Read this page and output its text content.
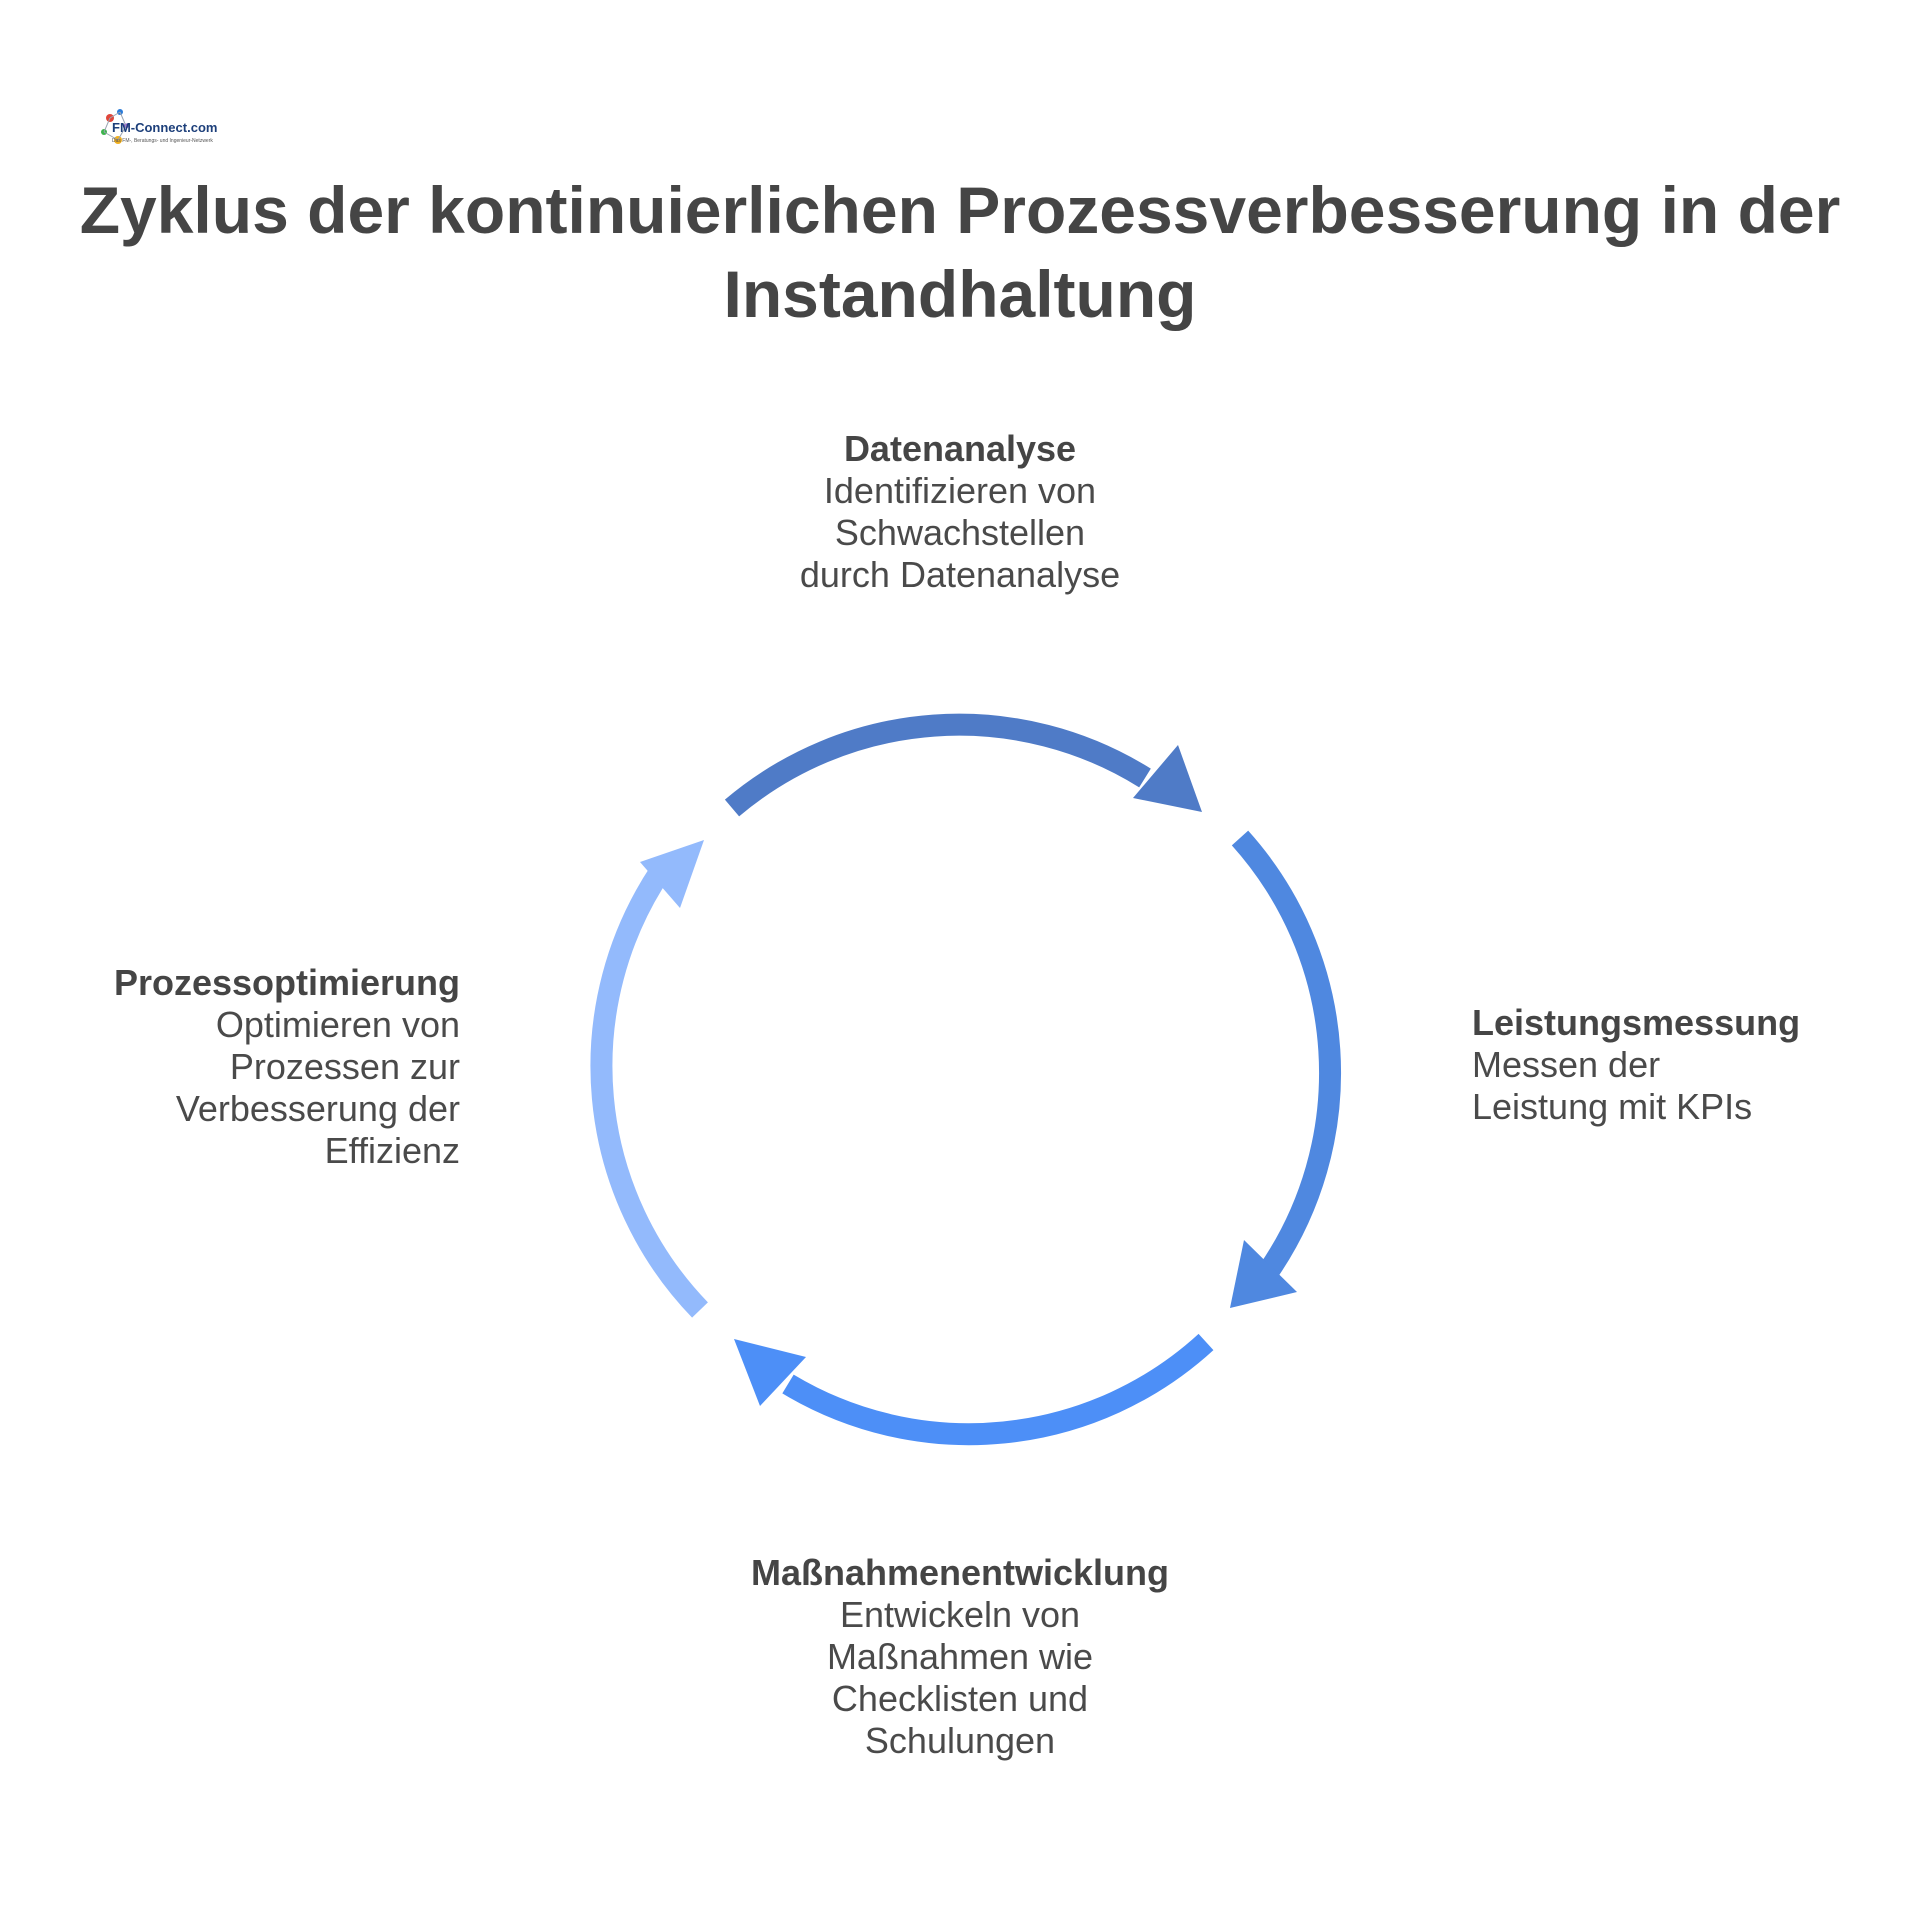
FM-Connect.com
Das FM-, Beratungs- und Ingenieur-Netzwerk
Zyklus der kontinuierlichen Prozessverbesserung in der
Instandhaltung
Datenanalyse
Identifizieren von
Schwachstellen
durch Datenanalyse
Leistungsmessung
Messen der
Leistung mit KPIs
Maßnahmenentwicklung
Entwickeln von
Maßnahmen wie
Checklisten und
Schulungen
Prozessoptimierung
Optimieren von
Prozessen zur
Verbesserung der
Effizienz
